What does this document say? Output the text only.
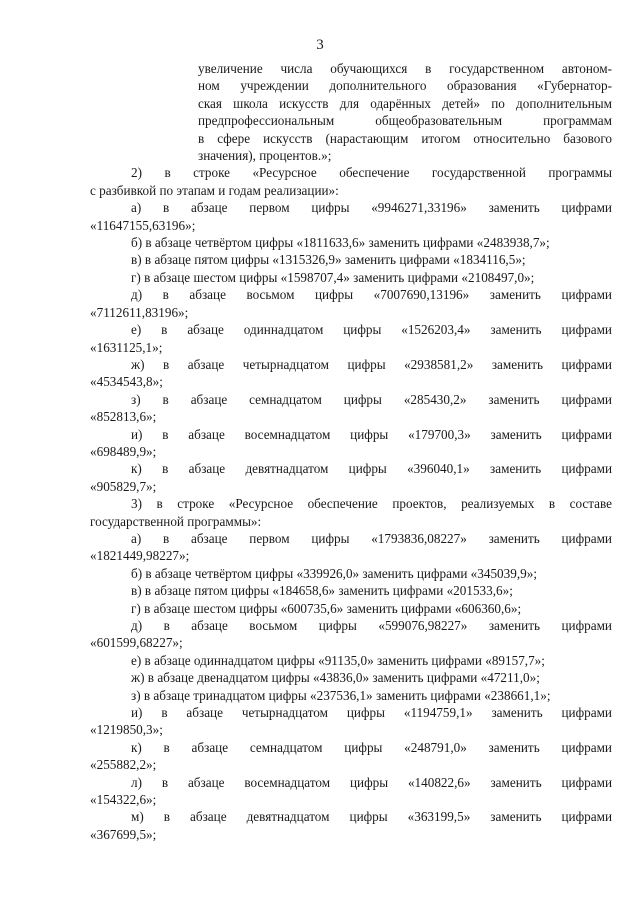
3
увеличение числа обучающихся в государственном автоном-
ном учреждении дополнительного образования «Губернатор-
ская школа искусств для одарённых детей» по дополнительным
предпрофессиональным общеобразовательным программам
в сфере искусств (нарастающим итогом относительно базового
значения), процентов.»;
2) в строке «Ресурсное обеспечение государственной программы
с разбивкой по этапам и годам реализации»:
а) в абзаце первом цифры «9946271,33196» заменить цифрами
«11647155,63196»;
б) в абзаце четвёртом цифры «1811633,6» заменить цифрами «2483938,7»;
в) в абзаце пятом цифры «1315326,9» заменить цифрами «1834116,5»;
г) в абзаце шестом цифры «1598707,4» заменить цифрами «2108497,0»;
д) в абзаце восьмом цифры «7007690,13196» заменить цифрами
«7112611,83196»;
е) в абзаце одиннадцатом цифры «1526203,4» заменить цифрами
«1631125,1»;
ж) в абзаце четырнадцатом цифры «2938581,2» заменить цифрами
«4534543,8»;
з) в абзаце семнадцатом цифры «285430,2» заменить цифрами
«852813,6»;
и) в абзаце восемнадцатом цифры «179700,3» заменить цифрами
«698489,9»;
к) в абзаце девятнадцатом цифры «396040,1» заменить цифрами
«905829,7»;
3) в строке «Ресурсное обеспечение проектов, реализуемых в составе
государственной программы»:
а) в абзаце первом цифры «1793836,08227» заменить цифрами
«1821449,98227»;
б) в абзаце четвёртом цифры «339926,0» заменить цифрами «345039,9»;
в) в абзаце пятом цифры «184658,6» заменить цифрами «201533,6»;
г) в абзаце шестом цифры «600735,6» заменить цифрами «606360,6»;
д) в абзаце восьмом цифры «599076,98227» заменить цифрами
«601599,68227»;
е) в абзаце одиннадцатом цифры «91135,0» заменить цифрами «89157,7»;
ж) в абзаце двенадцатом цифры «43836,0» заменить цифрами «47211,0»;
з) в абзаце тринадцатом цифры «237536,1» заменить цифрами «238661,1»;
и) в абзаце четырнадцатом цифры «1194759,1» заменить цифрами
«1219850,3»;
к) в абзаце семнадцатом цифры «248791,0» заменить цифрами
«255882,2»;
л) в абзаце восемнадцатом цифры «140822,6» заменить цифрами
«154322,6»;
м) в абзаце девятнадцатом цифры «363199,5» заменить цифрами
«367699,5»;
